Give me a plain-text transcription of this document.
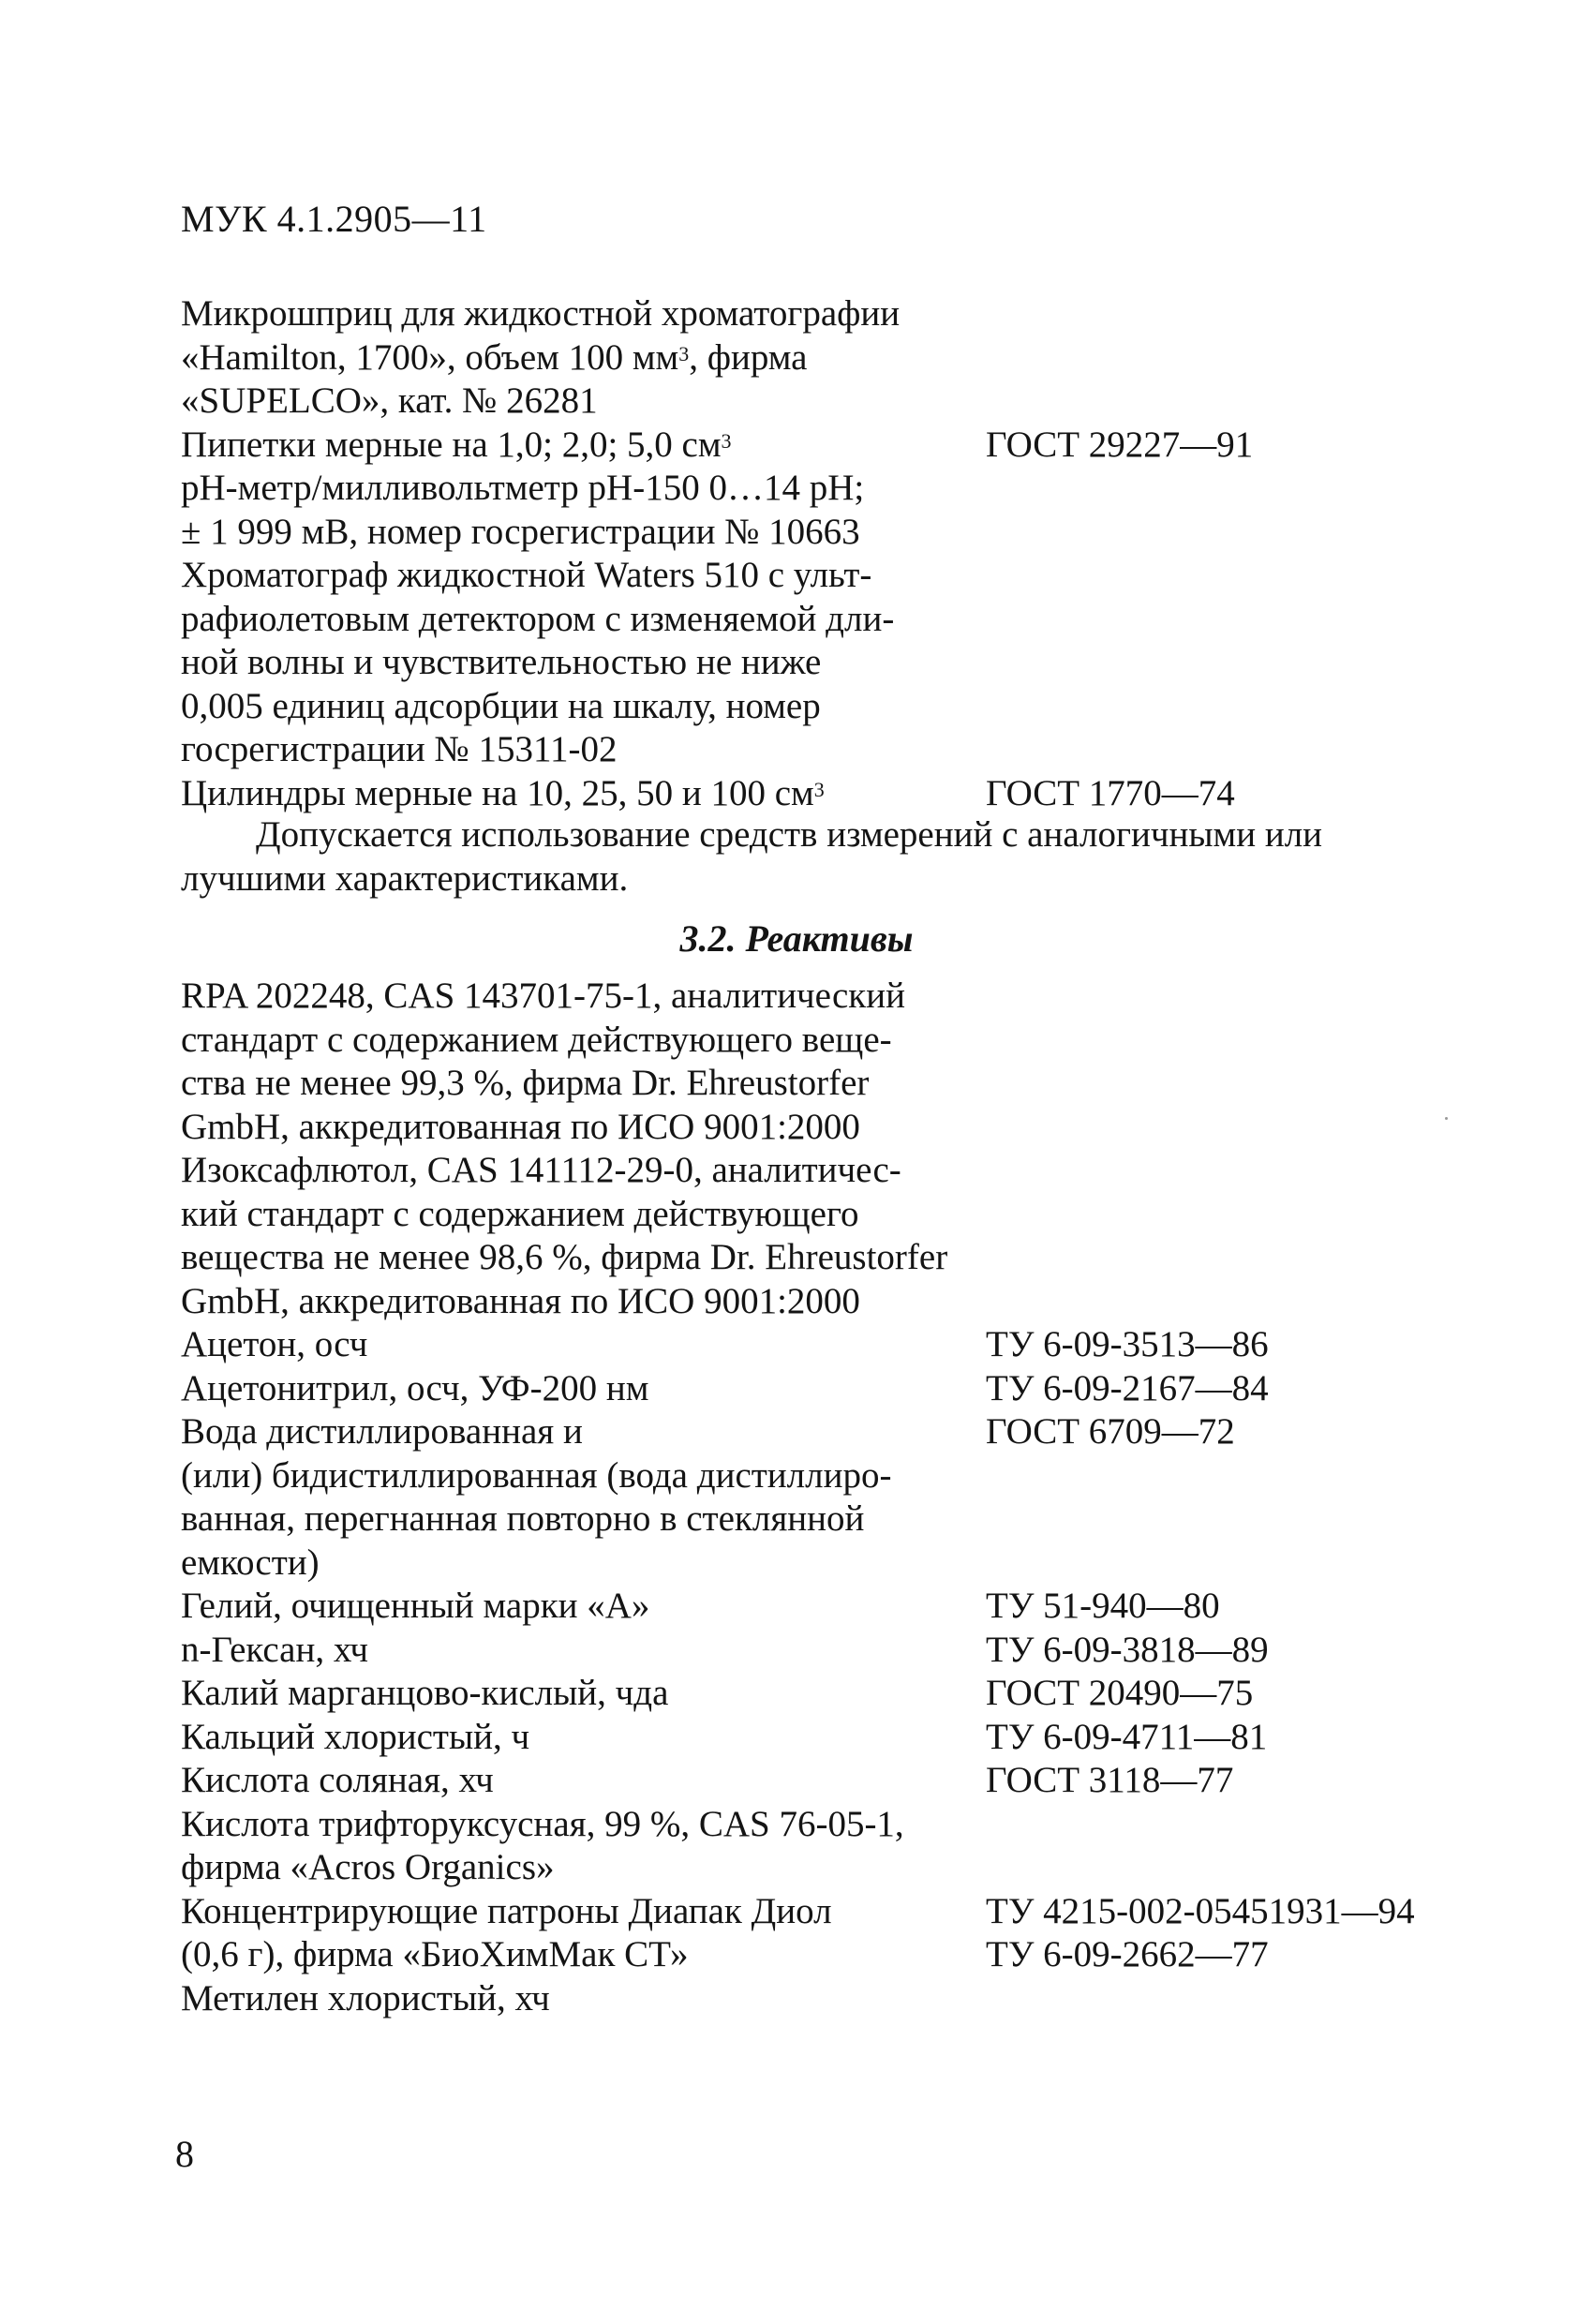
МУК 4.1.2905—11
Микрошприц для жидкостной хроматографии
«Hamilton, 1700», объем 100 $мм^3$, фирма
«SUPELCO», кат. № 26281
Пипетки мерные на 1,0; 2,0; 5,0 $см^3$
рН-метр/милливольтметр рН-150 0…14 рН;
± 1 999 мВ, номер госрегистрации № 10663
Хроматограф жидкостной Waters 510 с ульт-
рафиолетовым детектором с изменяемой дли-
ной волны и чувствительностью не ниже
0,005 единиц адсорбции на шкалу, номер
госрегистрации № 15311-02
Цилиндры мерные на 10, 25, 50 и 100 $см^3$
ГОСТ 29227—91
ГОСТ 1770—74
Допускается использование средств измерений с аналогичными или
лучшими характеристиками.
3.2. Реактивы
RPA 202248, CAS 143701-75-1, аналитический
стандарт с содержанием действующего веще-
ства не менее 99,3 %, фирма Dr. Ehreustorfer
GmbH, аккредитованная по ИСО 9001:2000
Изоксафлютол, CAS 141112-29-0, аналитичес-
кий стандарт с содержанием действующего
вещества не менее 98,6 %, фирма Dr. Ehreustorfer
GmbH, аккредитованная по ИСО 9001:2000
Ацетон, осч
Ацетонитрил, осч, УФ-200 нм
Вода дистиллированная и
(или) бидистиллированная (вода дистиллиро-
ванная, перегнанная повторно в стеклянной
емкости)
Гелий, очищенный марки «А»
n-Гексан, хч
Калий марганцово-кислый, чда
Кальций хлористый, ч
Кислота соляная, хч
Кислота трифторуксусная, 99 %, CAS 76-05-1,
фирма «Acros Organics»
Концентрирующие патроны Диапак Диол
(0,6 г), фирма «БиоХимМак СТ»
Метилен хлористый, хч
ТУ 6-09-3513—86
ТУ 6-09-2167—84
ГОСТ 6709—72
ТУ 51-940—80
ТУ 6-09-3818—89
ГОСТ 20490—75
ТУ 6-09-4711—81
ГОСТ 3118—77
ТУ 4215-002-05451931—94
ТУ 6-09-2662—77
8
